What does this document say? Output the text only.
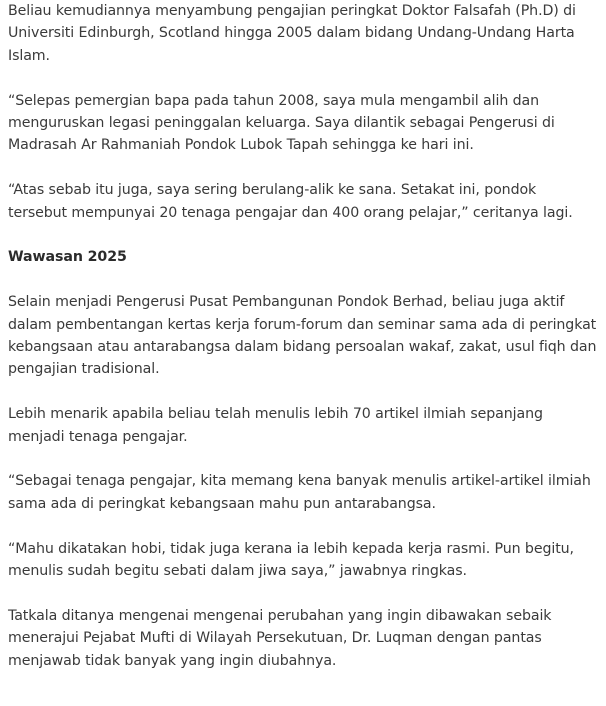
Beliau kemudiannya menyambung pengajian peringkat Doktor Falsafah (Ph.D) di Universiti Edinburgh, Scotland hingga 2005 dalam bidang Undang-Undang Harta Islam.

“Selepas pemergian bapa pada tahun 2008, saya mula mengambil alih dan menguruskan legasi peninggalan keluarga. Saya dilantik sebagai Pengerusi di Madrasah Ar Rahmaniah Pondok Lubok Tapah sehingga ke hari ini.

“Atas sebab itu juga, saya sering berulang-alik ke sana. Setakat ini, pondok tersebut mempunyai 20 tenaga pengajar dan 400 orang pelajar,” ceritanya lagi.

Wawasan 2025

Selain menjadi Pengerusi Pusat Pembangunan Pondok Berhad, beliau juga aktif dalam pembentangan kertas kerja forum-forum dan seminar sama ada di peringkat kebangsaan atau antarabangsa dalam bidang persoalan wakaf, zakat, usul fiqh dan pengajian tradisional.

Lebih menarik apabila beliau telah menulis lebih 70 artikel ilmiah sepanjang menjadi tenaga pengajar.

“Sebagai tenaga pengajar, kita memang kena banyak menulis artikel-artikel ilmiah sama ada di peringkat kebangsaan mahu pun antarabangsa.

“Mahu dikatakan hobi, tidak juga kerana ia lebih kepada kerja rasmi. Pun begitu, menulis sudah begitu sebati dalam jiwa saya,” jawabnya ringkas.

Tatkala ditanya mengenai mengenai perubahan yang ingin dibawakan sebaik menerajui Pejabat Mufti di Wilayah Persekutuan, Dr. Luqman dengan pantas menjawab tidak banyak yang ingin diubahnya.
